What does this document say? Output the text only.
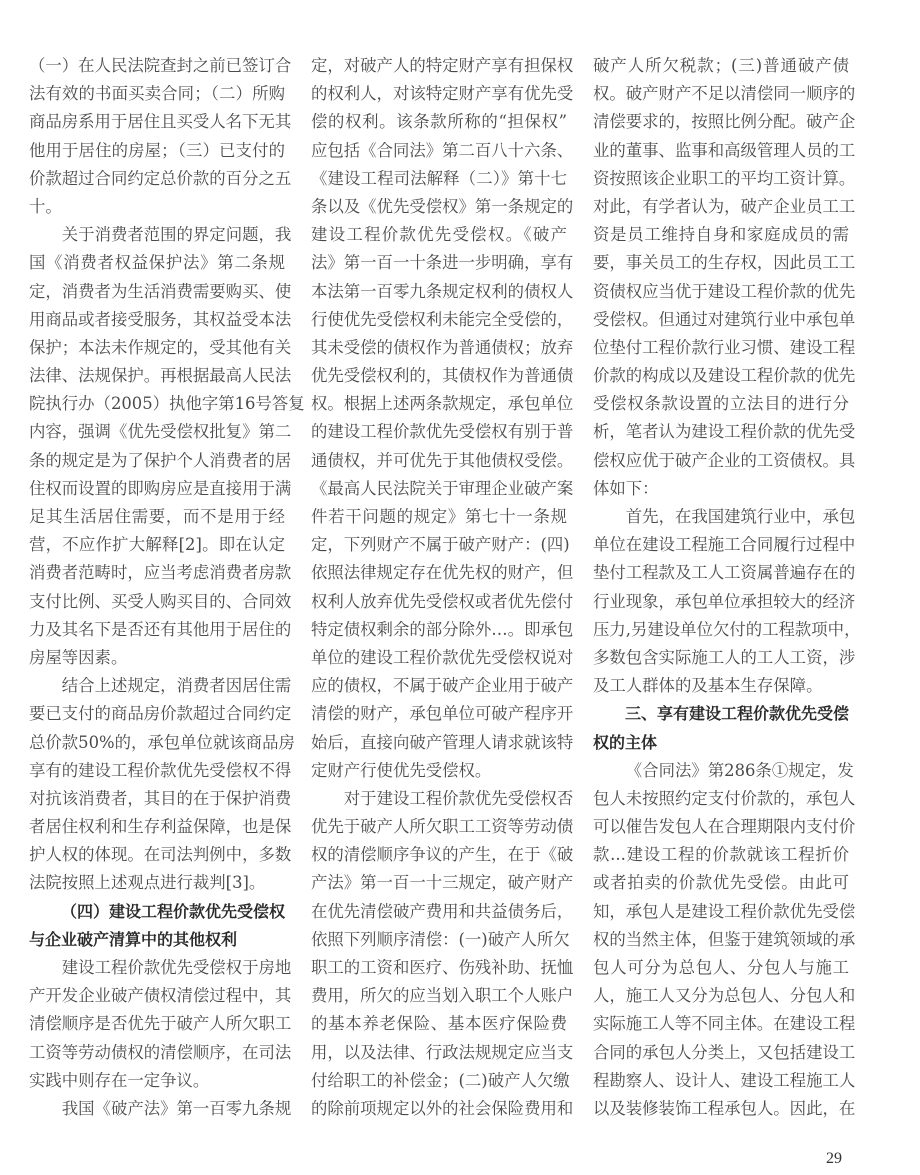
（一）在人民法院查封之前已签订合
法有效的书面买卖合同；（二）所购
商品房系用于居住且买受人名下无其
他用于居住的房屋；（三）已支付的
价款超过合同约定总价款的百分之五
十。
关于消费者范围的界定问题，我
国《消费者权益保护法》第二条规
定，消费者为生活消费需要购买、使
用商品或者接受服务，其权益受本法
保护；本法未作规定的，受其他有关
法律、法规保护。再根据最高人民法
院执行办（2005）执他字第16号答复
内容，强调《优先受偿权批复》第二
条的规定是为了保护个人消费者的居
住权而设置的即购房应是直接用于满
足其生活居住需要，而不是用于经
营，不应作扩大解释[2]。即在认定
消费者范畴时，应当考虑消费者房款
支付比例、买受人购买目的、合同效
力及其名下是否还有其他用于居住的
房屋等因素。
结合上述规定，消费者因居住需
要已支付的商品房价款超过合同约定
总价款50%的，承包单位就该商品房
享有的建设工程价款优先受偿权不得
对抗该消费者，其目的在于保护消费
者居住权利和生存利益保障，也是保
护人权的体现。在司法判例中，多数
法院按照上述观点进行裁判[3]。
（四）建设工程价款优先受偿权
与企业破产清算中的其他权利
建设工程价款优先受偿权于房地
产开发企业破产债权清偿过程中，其
清偿顺序是否优先于破产人所欠职工
工资等劳动债权的清偿顺序，在司法
实践中则存在一定争议。
我国《破产法》第一百零九条规
定，对破产人的特定财产享有担保权
的权利人，对该特定财产享有优先受
偿的权利。该条款所称的“担保权”
应包括《合同法》第二百八十六条、
《建设工程司法解释（二）》第十七
条以及《优先受偿权》第一条规定的
建设工程价款优先受偿权。《破产
法》第一百一十条进一步明确，享有
本法第一百零九条规定权利的债权人
行使优先受偿权利未能完全受偿的，
其未受偿的债权作为普通债权；放弃
优先受偿权利的，其债权作为普通债
权。根据上述两条款规定，承包单位
的建设工程价款优先受偿权有别于普
通债权，并可优先于其他债权受偿。
《最高人民法院关于审理企业破产案
件若干问题的规定》第七十一条规
定，下列财产不属于破产财产：(四)
依照法律规定存在优先权的财产，但
权利人放弃优先受偿权或者优先偿付
特定债权剩余的部分除外…。即承包
单位的建设工程价款优先受偿权说对
应的债权，不属于破产企业用于破产
清偿的财产，承包单位可破产程序开
始后，直接向破产管理人请求就该特
定财产行使优先受偿权。
对于建设工程价款优先受偿权否
优先于破产人所欠职工工资等劳动债
权的清偿顺序争议的产生，在于《破
产法》第一百一十三规定，破产财产
在优先清偿破产费用和共益债务后，
依照下列顺序清偿：(一)破产人所欠
职工的工资和医疗、伤残补助、抚恤
费用，所欠的应当划入职工个人账户
的基本养老保险、基本医疗保险费
用，以及法律、行政法规规定应当支
付给职工的补偿金；(二)破产人欠缴
的除前项规定以外的社会保险费用和
破产人所欠税款；(三)普通破产债
权。破产财产不足以清偿同一顺序的
清偿要求的，按照比例分配。破产企
业的董事、监事和高级管理人员的工
资按照该企业职工的平均工资计算。
对此，有学者认为，破产企业员工工
资是员工维持自身和家庭成员的需
要，事关员工的生存权，因此员工工
资债权应当优于建设工程价款的优先
受偿权。但通过对建筑行业中承包单
位垫付工程价款行业习惯、建设工程
价款的构成以及建设工程价款的优先
受偿权条款设置的立法目的进行分
析，笔者认为建设工程价款的优先受
偿权应优于破产企业的工资债权。具
体如下：
首先，在我国建筑行业中，承包
单位在建设工程施工合同履行过程中
垫付工程款及工人工资属普遍存在的
行业现象，承包单位承担较大的经济
压力,另建设单位欠付的工程款项中，
多数包含实际施工人的工人工资，涉
及工人群体的及基本生存保障。
三、享有建设工程价款优先受偿
权的主体
《合同法》第286条①规定，发
包人未按照约定支付价款的，承包人
可以催告发包人在合理期限内支付价
款...建设工程的价款就该工程折价
或者拍卖的价款优先受偿。由此可
知，承包人是建设工程价款优先受偿
权的当然主体，但鉴于建筑领域的承
包人可分为总包人、分包人与施工
人，施工人又分为总包人、分包人和
实际施工人等不同主体。在建设工程
合同的承包人分类上，又包括建设工
程勘察人、设计人、建设工程施工人
以及装修装饰工程承包人。因此，在
29
